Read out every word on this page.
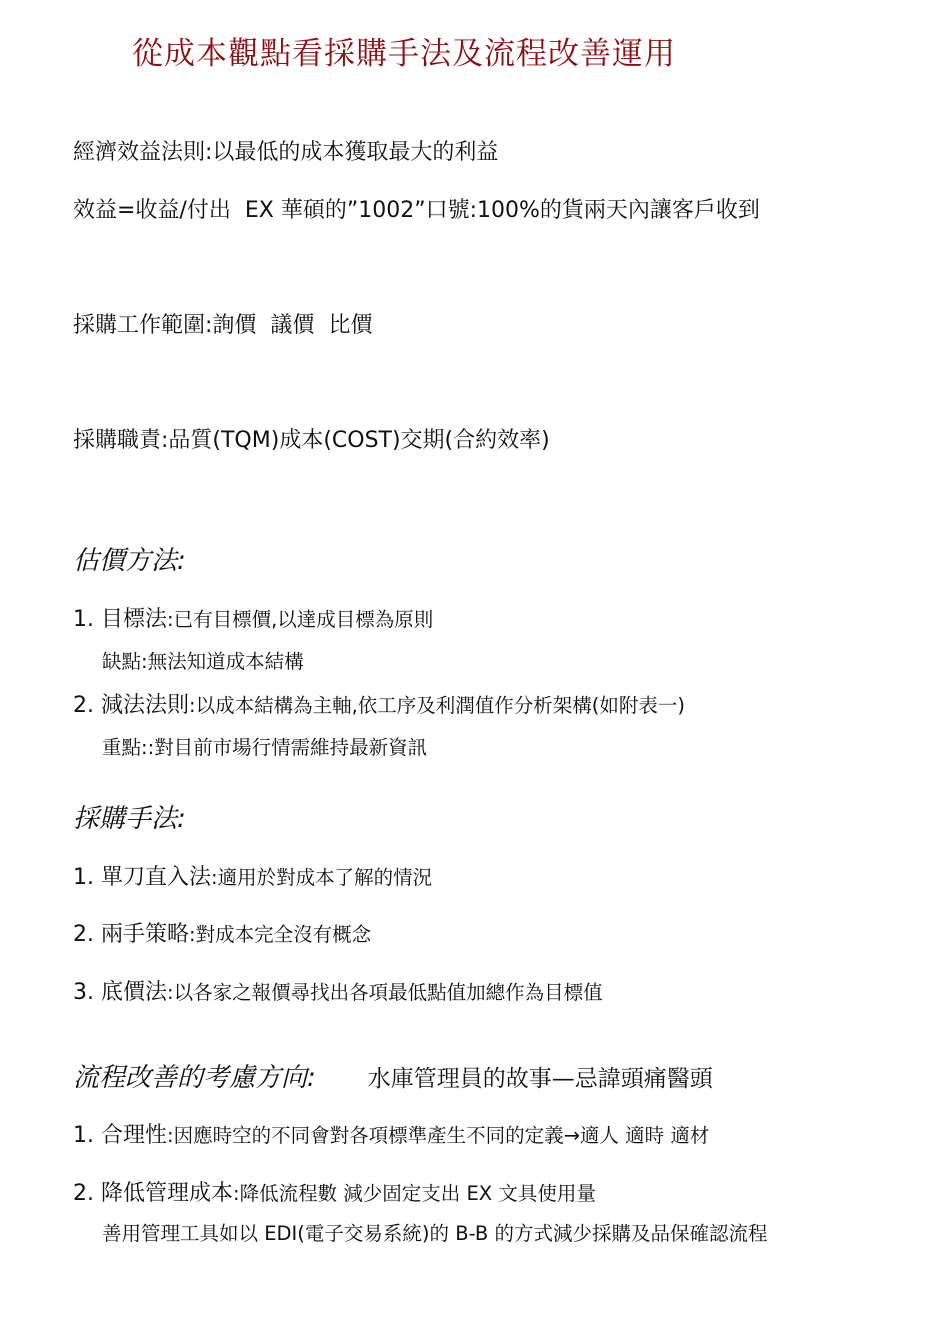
從成本觀點看採購手法及流程改善運用
經濟效益法則:以最低的成本獲取最大的利益
效益=收益/付出 EX 華碩的”1002”口號:100%的貨兩天內讓客戶收到
採購工作範圍:詢價 議價 比價
採購職責:品質(TQM)成本(COST)交期(合約效率)
估價方法:
1. 目標法:已有目標價,以達成目標為原則
缺點:無法知道成本結構
2. 減法法則:以成本結構為主軸,依工序及利潤值作分析架構(如附表一)
重點::對目前市場行情需維持最新資訊
採購手法:
1. 單刀直入法:適用於對成本了解的情況
2. 兩手策略:對成本完全沒有概念
3. 底價法:以各家之報價尋找出各項最低點值加總作為目標值
流程改善的考慮方向: 水庫管理員的故事—忌諱頭痛醫頭
1. 合理性:因應時空的不同會對各項標準產生不同的定義→適人 適時 適材
2. 降低管理成本:降低流程數 減少固定支出 EX 文具使用量
善用管理工具如以 EDI(電子交易系統)的 B-B 的方式減少採購及品保確認流程
